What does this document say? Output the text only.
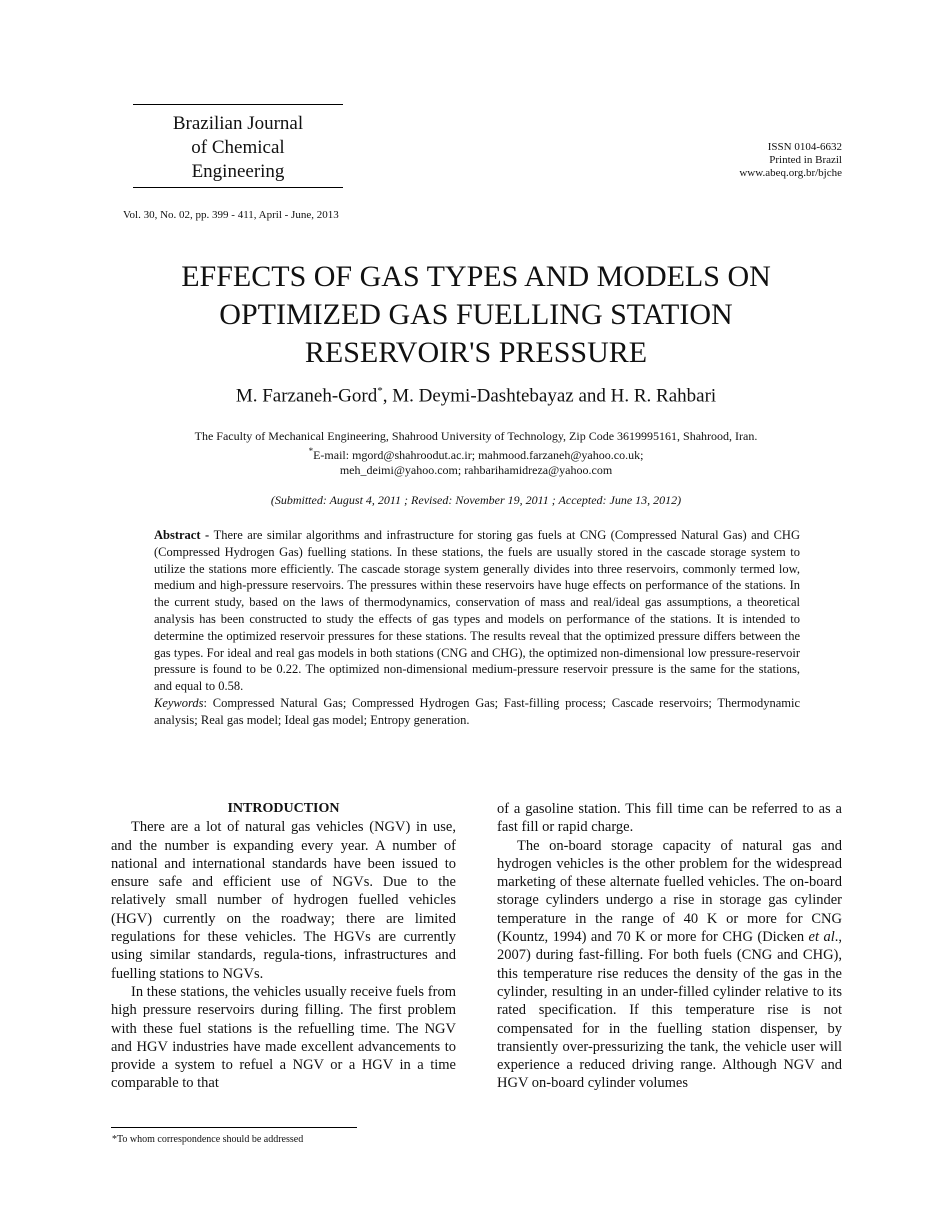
Brazilian Journal
of Chemical
Engineering
ISSN 0104-6632
Printed in Brazil
www.abeq.org.br/bjche
Vol. 30, No. 02, pp. 399 - 411, April - June, 2013
EFFECTS OF GAS TYPES AND MODELS ON
OPTIMIZED GAS FUELLING STATION
RESERVOIR'S PRESSURE
M. Farzaneh-Gord*, M. Deymi-Dashtebayaz and H. R. Rahbari
The Faculty of Mechanical Engineering, Shahrood University of Technology, Zip Code 3619995161, Shahrood, Iran.
*E-mail: mgord@shahroodut.ac.ir; mahmood.farzaneh@yahoo.co.uk;
meh_deimi@yahoo.com; rahbarihamidreza@yahoo.com
(Submitted: August 4, 2011 ; Revised: November 19, 2011 ; Accepted: June 13, 2012)

Abstract - There are similar algorithms and infrastructure for storing gas fuels at CNG (Compressed Natural Gas) and CHG (Compressed Hydrogen Gas) fuelling stations. In these stations, the fuels are usually stored in the cascade storage system to utilize the stations more efficiently. The cascade storage system generally divides into three reservoirs, commonly termed low, medium and high-pressure reservoirs. The pressures within these reservoirs have huge effects on performance of the stations. In the current study, based on the laws of thermodynamics, conservation of mass and real/ideal gas assumptions, a theoretical analysis has been constructed to study the effects of gas types and models on performance of the stations. It is intended to determine the optimized reservoir pressures for these stations. The results reveal that the optimized pressure differs between the gas types. For ideal and real gas models in both stations (CNG and CHG), the optimized non-dimensional low pressure-reservoir pressure is found to be 0.22. The optimized non-dimensional medium-pressure reservoir pressure is the same for the stations, and equal to 0.58.

Keywords: Compressed Natural Gas; Compressed Hydrogen Gas; Fast-filling process; Cascade reservoirs; Thermodynamic analysis; Real gas model; Ideal gas model; Entropy generation.

INTRODUCTION

There are a lot of natural gas vehicles (NGV) in use, and the number is expanding every year. A number of national and international standards have been issued to ensure safe and efficient use of NGVs. Due to the relatively small number of hydrogen fuelled vehicles (HGV) currently on the roadway; there are limited regulations for these vehicles. The HGVs are currently using similar standards, regula-tions, infrastructures and fuelling stations to NGVs.

In these stations, the vehicles usually receive fuels from high pressure reservoirs during filling. The first problem with these fuel stations is the refuelling time. The NGV and HGV industries have made excellent advancements to provide a system to refuel a NGV or a HGV in a time comparable to that

of a gasoline station. This fill time can be referred to as a fast fill or rapid charge.

The on-board storage capacity of natural gas and hydrogen vehicles is the other problem for the widespread marketing of these alternate fuelled vehicles. The on-board storage cylinders undergo a rise in storage gas cylinder temperature in the range of 40 K or more for CNG (Kountz, 1994) and 70 K or more for CHG (Dicken et al., 2007) during fast-filling. For both fuels (CNG and CHG), this temperature rise reduces the density of the gas in the cylinder, resulting in an under-filled cylinder relative to its rated specification. If this temperature rise is not compensated for in the fuelling station dispenser, by transiently over-pressurizing the tank, the vehicle user will experience a reduced driving range. Although NGV and HGV on-board cylinder volumes

*To whom correspondence should be addressed
